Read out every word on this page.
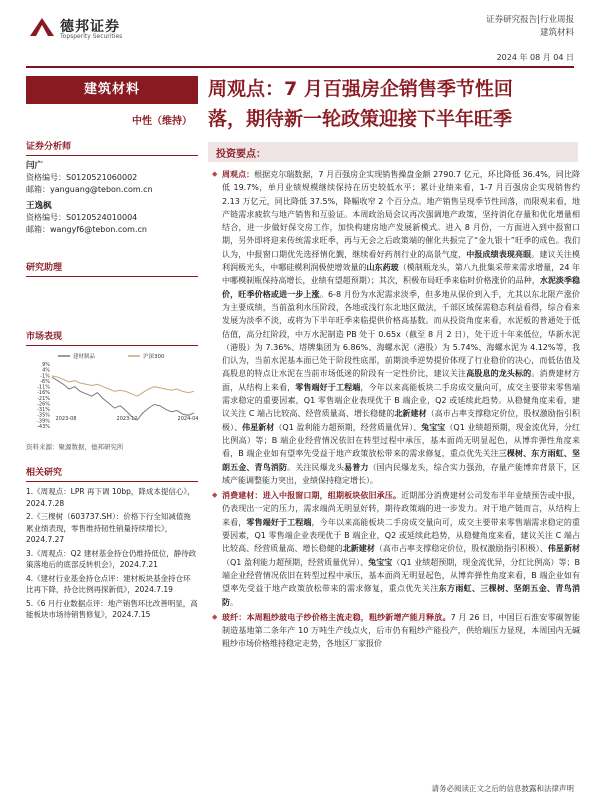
德邦证券
Topsperity Securities
证券研究报告|行业周报
建筑材料
2024 年 08 月 04 日
建筑材料
中性（维持）
证券分析师
闫广
资格编号：S0120521060002
邮箱：yanguang@tebon.com.cn
王逸枫
资格编号：S0120524010004
邮箱：wangyf6@tebon.com.cn
研究助理
市场表现
9%
4%
-1%
-6%
-11%
-16%
-21%
-26%
-31%
-35%
-39%
-43%
2023-08	2023-12	2024-04
建材制品	沪深300
资料来源：聚源数据，德邦研究所
相关研究
1.《周观点：LPR 再下调 10bp，降成本提信心》，2024.7.28
2.《三棵树（603737.SH）：价格下行全知减值拖累业绩表现，零售维持韧性销量持续增长》，2024.7.27
3.《周观点：Q2 建材基金持仓仍维持低位，静待政策落地后的底部反转机会》，2024.7.21
4.《建材行业基金持仓点评：建材板块基金持仓环比再下降，持仓比例再探新低》，2024.7.19
5.《6 月行业数据点评：地产销售环比改善明显，高能板块市场待销售修复》，2024.7.15
周观点：7 月百强房企销售季节性回
落，期待新一轮政策迎接下半年旺季
投资要点：

◆ 周观点：根据克尔瑞数据，7 月百强房企实现销售操盘金额 2790.7 亿元，环比降低 36.4%，同比降低 19.7%，单月业绩规模继续保持在历史较低水平；累计业绩来看，1-7 月百强房企实现销售约 2.13 万亿元，同比降低 37.5%，降幅收窄 2 个百分点。地产销售呈现季节性回落，而限观来看，地产链需求疲软与地产销售和互验证。本周政治局会议再次强调地产政策，坚持消化存量和优化增量相结合，进一步做好保交房工作，加快构建房地产发展新模式。进入 8 月份，一方面进入到中报窗口期，另外即将迎来传统需求旺季，再与无会之后政策端的催化共振完了“金九银十”旺季的成色。我们认为，中报窗口期优先选择情化觐，继续看好药剂行业的高景气度，中报成绩表现亮眼。建议关注模利润极光头，中哪硅模利润极使增效量的山东药玻（模制瓶龙头，第八九批集采带来需求增量，24 年中哪模制瓶保持高增长，业绩有望超预期）；其次，积极布局旺季来临时价格涨价的品种，水泥淡季稳价，旺季价格或进一步上涨。6-8 月份为水泥需求淡季，但多地从保价到入手，尤其以东北限产涨价为主要成绩，当前盈利水压阶段，各地或浅行东北地区做法，千部区域保需稳态利益看得，综合看来发展为淡季不淡，或将为下半年旺季来临提供价格高基数。而从投资角度来看，水泥板的普通处于低估值，高分红阶段，中万水泥制造 PB 处于 0.65x（截至 8 月 2 日），处于近十年来低位，华新水泥（港股）为 7.36%、塔牌集团为 6.86%、海螺水泥（港股）为 5.74%、海螺水泥为 4.12%等，我们认为，当前水泥基本面已处于阶段性底部，前期淡季逆势提价体现了行业稳价的决心，而低估值及高股息的特点让水泥在当前市场低迷的阶段有一定性价比，建议关注高股息的龙头标的。消费建材方面，从结构上来看，零售端好于工程端，今年以来高能板块二手房成交量向可，成交主要带来零售端需求稳定的重要因素，Q1 零售端企业表现优于 B 端企业，Q2 或延续此趋势。从稳健角度来看，建议关注 C 端占比较高、经营质量高、增长稳健的北新建材（高市占率支撑稳定价位，股权激励指引积极）、伟星新材（Q1 盈利能力超预期，经营质量优异）、兔宝宝（Q1 业绩超预期，现金流优异，分红比例高）等；B 端企业经营情况依旧在转型过程中承压，基本面尚无明显起色，从博弈弹性角度来看，B 端企业如有望率先受益于地产政策放松带来的需求修复，重点优先关注三棵树、东方雨虹、坚朗五金、青鸟消防。关注民爆龙头易普力（国内民爆龙头，综合实力强劲，存量产能博弈背景下，区域产能调整能力突出，业绩保持稳定增长）。

◆ 消费建材：进入中报窗口期，组期板块依旧承压。近期部分消费建材公司发布半年业绩预告或中报，仍表现出一定的压力，需求端尚无明显好转，期待政策端的进一步发力。对于地产链而言，从结构上来看，零售端好于工程端，今年以来高能板块二手房成交量向可，成交主要带来零售端需求稳定的重要因素，Q1 零售端企业表现优于 B 端企业，Q2 或延续此趋势，从稳健角度来看，建议关注 C 端占比较高、经营质量高、增长稳健的北新建材（高市占率支撑稳定价位，股权激励指引积极）、伟星新材（Q1 盈利能力超预期，经营质量优异）、兔宝宝（Q1 业绩超预期，现金流优异，分红比例高）等；B 端企业经营情况依旧在转型过程中承压，基本面尚无明显起色，从博弈弹性角度来看，B 端企业如有望率先受益于地产政策放松带来的需求修复，重点优先关注东方雨虹、三棵树、坚朗五金、青鸟消防。

◆ 玻纤：本周粗纱玻电子纱价格主流走稳，粗纱新增产能月释放。7 月 26 日，中国巨石淮安零碳智能制造基地第二条年产 10 万吨生产线点火，后市仍有粗纱产能投产，供给端压力显现，本周国内无碱粗纱市场价格维持稳定走势，各地区厂家报价

请务必阅读正文之后的信息披露和法律声明
